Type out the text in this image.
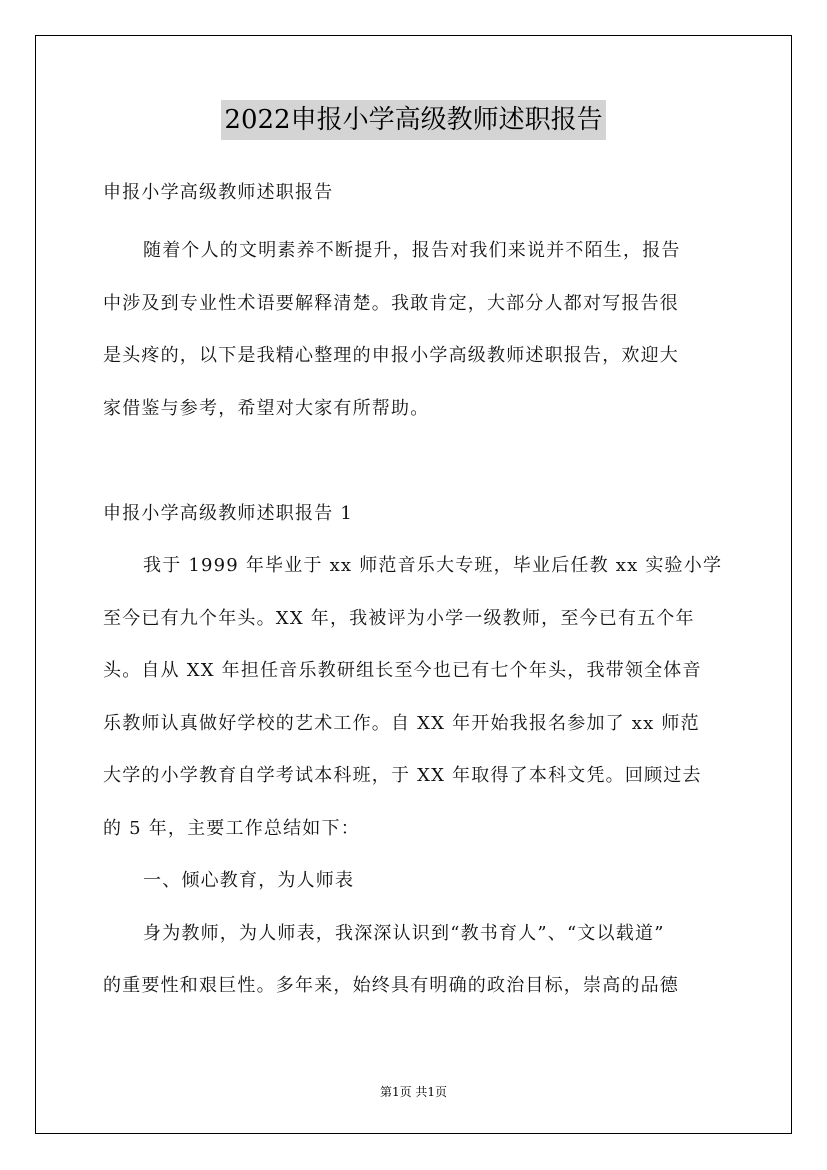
2022申报小学高级教师述职报告
申报小学高级教师述职报告
随着个人的文明素养不断提升，报告对我们来说并不陌生，报告
中涉及到专业性术语要解释清楚。我敢肯定，大部分人都对写报告很
是头疼的，以下是我精心整理的申报小学高级教师述职报告，欢迎大
家借鉴与参考，希望对大家有所帮助。
申报小学高级教师述职报告 1
我于 1999 年毕业于 xx 师范音乐大专班，毕业后任教 xx 实验小学
至今已有九个年头。XX 年，我被评为小学一级教师，至今已有五个年
头。自从 XX 年担任音乐教研组长至今也已有七个年头，我带领全体音
乐教师认真做好学校的艺术工作。自 XX 年开始我报名参加了 xx 师范
大学的小学教育自学考试本科班，于 XX 年取得了本科文凭。回顾过去
的 5 年，主要工作总结如下：
一、倾心教育，为人师表
身为教师，为人师表，我深深认识到“教书育人”、“文以载道”
的重要性和艰巨性。多年来，始终具有明确的政治目标，崇高的品德
第1页 共1页
